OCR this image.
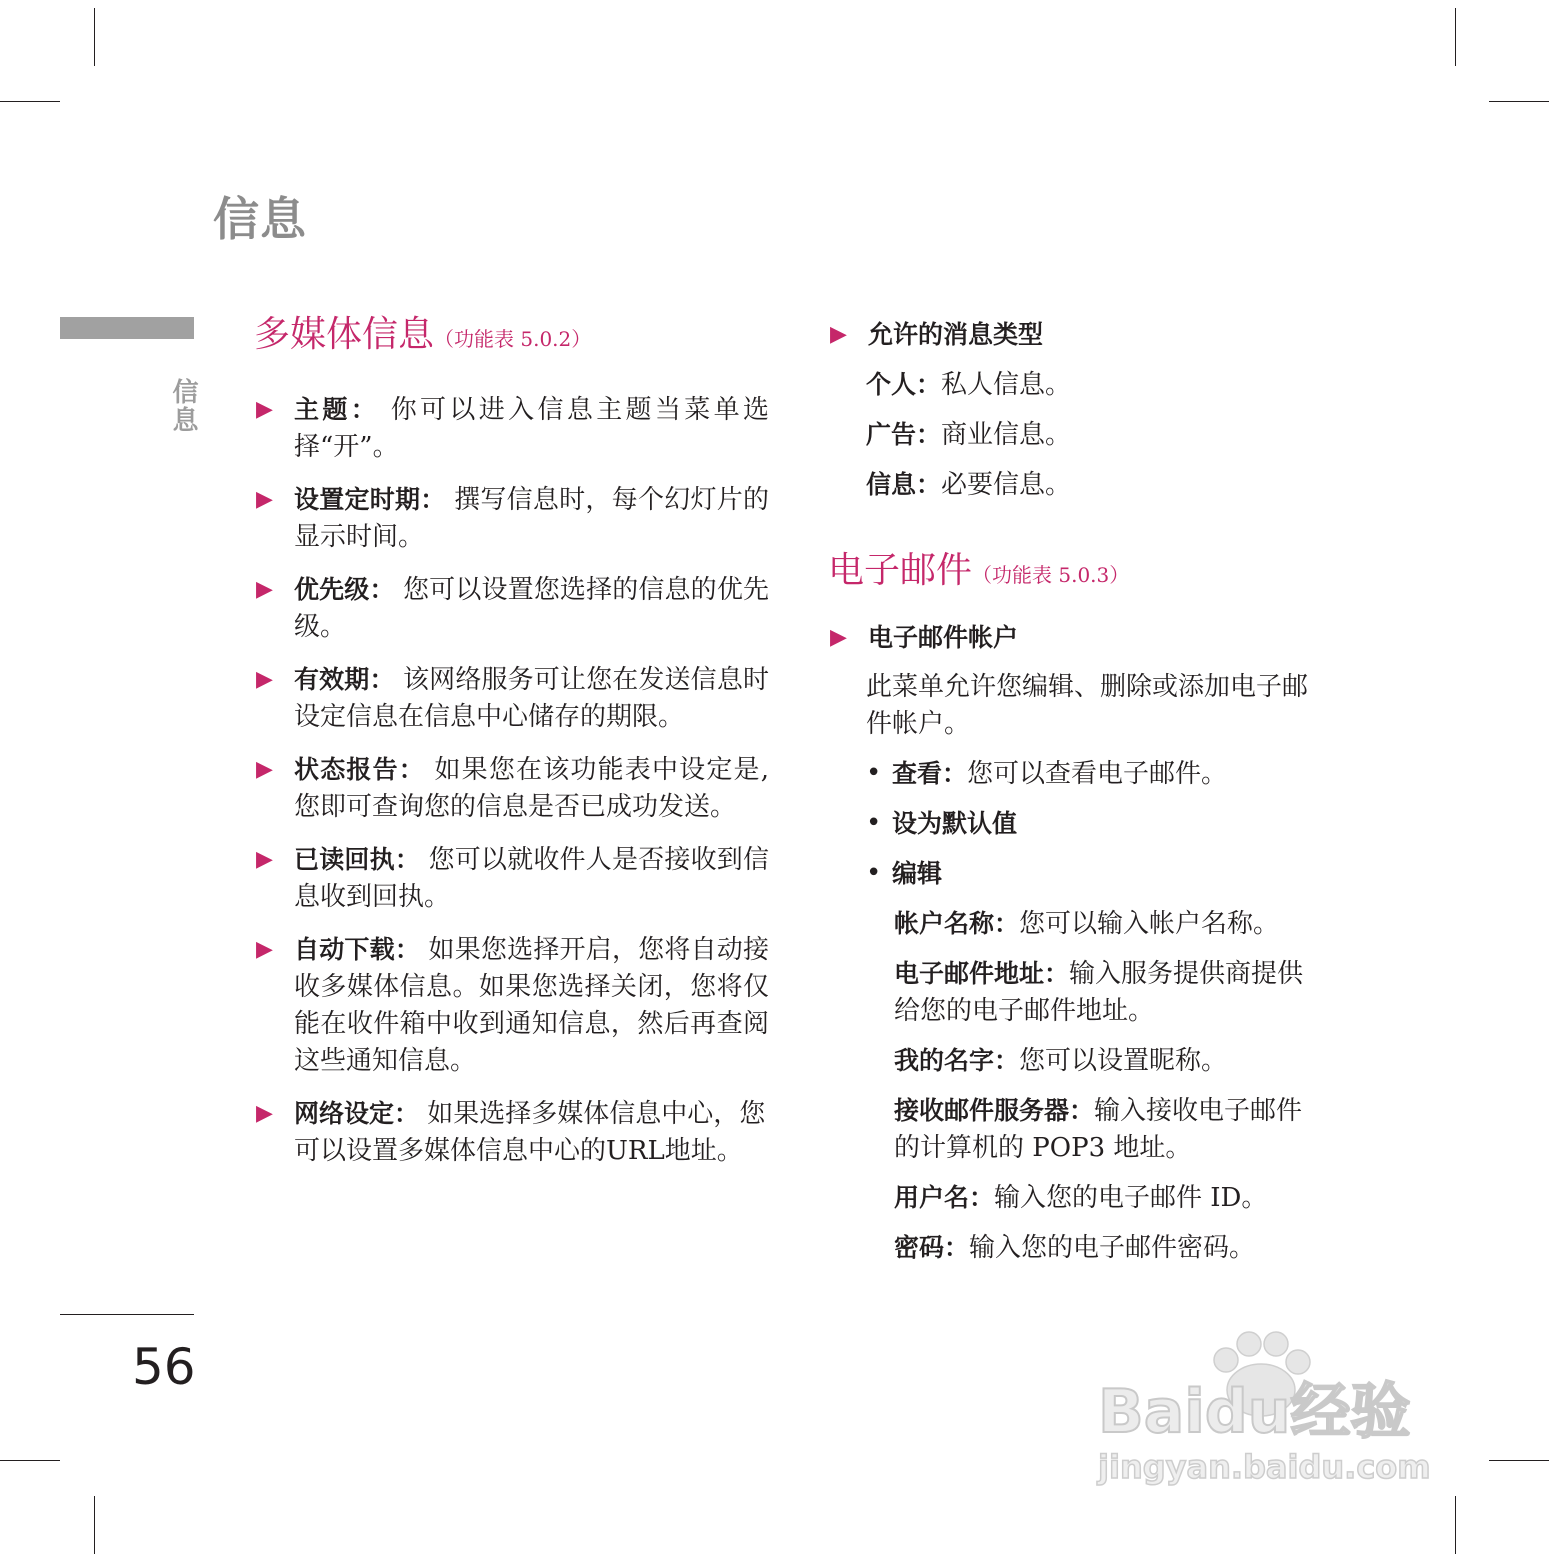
信息
信息
56
多媒体信息（功能表 5.0.2）
▶ 主题： 你可以进入信息主题当菜单选择“开”。
▶ 设置定时期： 撰写信息时，每个幻灯片的显示时间。
▶ 优先级： 您可以设置您选择的信息的优先级。
▶ 有效期： 该网络服务可让您在发送信息时设定信息在信息中心储存的期限。
▶ 状态报告： 如果您在该功能表中设定是,您即可查询您的信息是否已成功发送。
▶ 已读回执： 您可以就收件人是否接收到信息收到回执。
▶ 自动下载： 如果您选择开启，您将自动接收多媒体信息。如果您选择关闭，您将仅能在收件箱中收到通知信息，然后再查阅 这些通知信息。
▶ 网络设定： 如果选择多媒体信息中心，您可以设置多媒体信息中心的URL地址。
▶ 允许的消息类型
个人：私人信息。
广告：商业信息。
信息：必要信息。
电子邮件（功能表 5.0.3）
▶ 电子邮件帐户
此菜单允许您编辑、删除或添加电子邮件帐户。
• 查看：您可以查看电子邮件。
• 设为默认值
• 编辑
帐户名称：您可以输入帐户名称。
电子邮件地址：输入服务提供商提供给您的电子邮件地址。
我的名字：您可以设置昵称。
接收邮件服务器：输入接收电子邮件的计算机的 POP3 地址。
用户名：输入您的电子邮件 ID。
密码：输入您的电子邮件密码。
Baidu经验
jingyan.baidu.com
